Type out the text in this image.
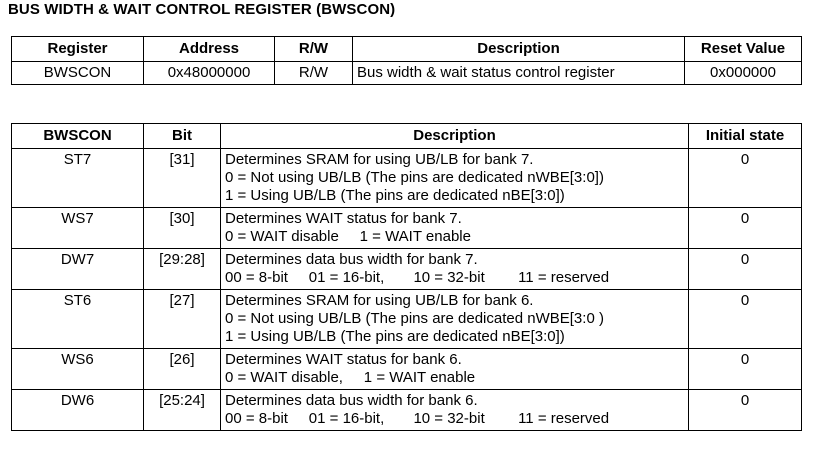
BUS WIDTH & WAIT CONTROL REGISTER (BWSCON)
Register	Address	R/W	Description	Reset Value
BWSCON	0x48000000	R/W	Bus width & wait status control register	0x000000
BWSCON	Bit	Description	Initial state
ST7	[31]	Determines SRAM for using UB/LB for bank 7.
0 = Not using UB/LB (The pins are dedicated nWBE[3:0])
1 = Using UB/LB (The pins are dedicated nBE[3:0])	0
WS7	[30]	Determines WAIT status for bank 7.
0 = WAIT disable     1 = WAIT enable	0
DW7	[29:28]	Determines data bus width for bank 7.
00 = 8-bit     01 = 16-bit,       10 = 32-bit        11 = reserved	0
ST6	[27]	Determines SRAM for using UB/LB for bank 6.
0 = Not using UB/LB (The pins are dedicated nWBE[3:0 )
1 = Using UB/LB (The pins are dedicated nBE[3:0])	0
WS6	[26]	Determines WAIT status for bank 6.
0 = WAIT disable,     1 = WAIT enable	0
DW6	[25:24]	Determines data bus width for bank 6.
00 = 8-bit     01 = 16-bit,       10 = 32-bit        11 = reserved	0
